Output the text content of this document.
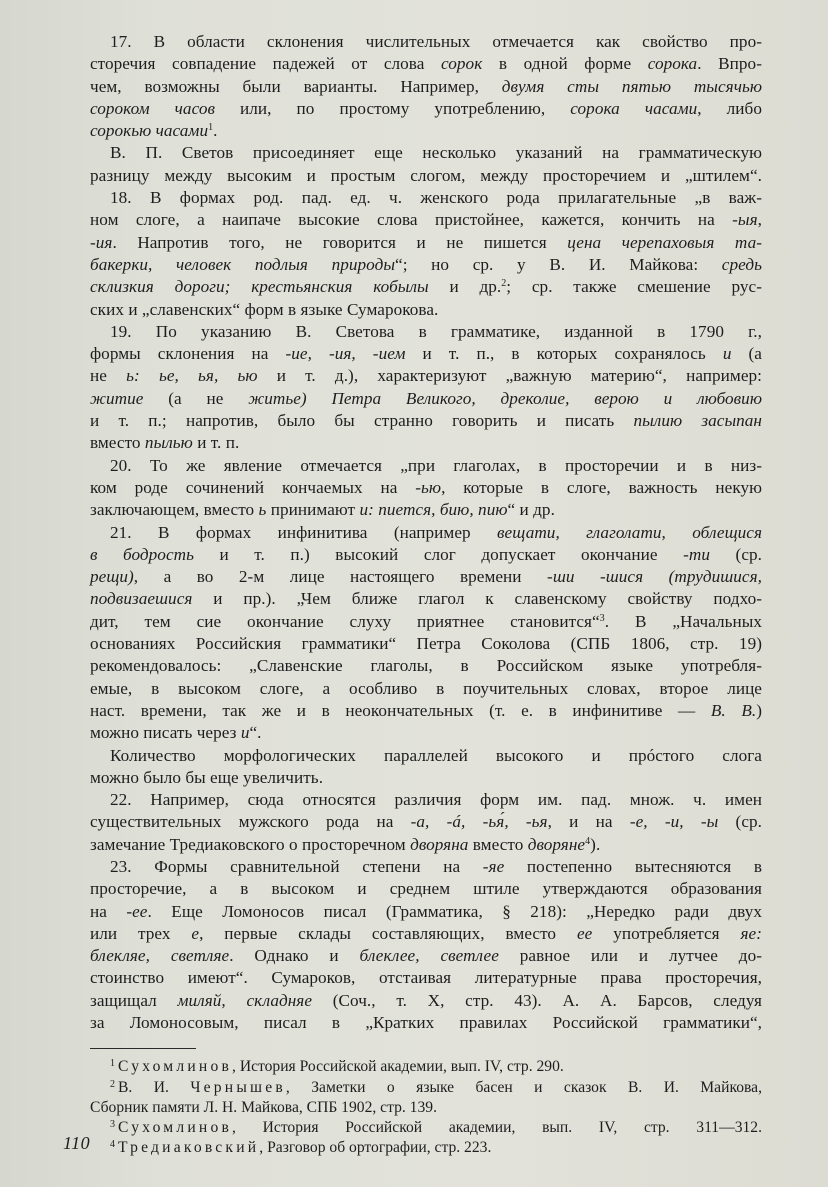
17. В области склонения числительных отмечается как свойство про-
сторечия совпадение падежей от слова сорок в одной форме сорока. Впро-
чем, возможны были варианты. Например, двумя сты пятью тысячью
сороком часов или, по простому употреблению, сорока часами, либо
сорокью часами$^1$.
В. П. Светов присоединяет еще несколько указаний на грамматическую
разницу между высоким и простым слогом, между просторечием и „штилем“.
18. В формах род. пад. ед. ч. женского рода прилагательные „в важ-
ном слоге, а наипаче высокие слова пристойнее, кажется, кончить на -ыя,
-ия. Напротив того, не говорится и не пишется цена черепаховыя та-
бакерки, человек подлыя природы“; но ср. у В. И. Майкова: средь
склизкия дороги; крестьянския кобылы и др.$^2$; ср. также смешение рус-
ских и „славенских“ форм в языке Сумарокова.
19. По указанию В. Светова в грамматике, изданной в 1790 г.,
формы склонения на -ие, -ия, -ием и т. п., в которых сохранялось и (а
не ь: ье, ья, ью и т. д.), характеризуют „важную материю“, например:
житие (а не житье) Петра Великого, дреколие, верою и любовию
и т. п.; напротив, было бы странно говорить и писать пылию засыпан
вместо пылью и т. п.
20. То же явление отмечается „при глаголах, в просторечии и в низ-
ком роде сочинений кончаемых на -ью, которые в слоге, важность некую
заключающем, вместо ь принимают и: пиется, бию, пию“ и др.
21. В формах инфинитива (например вещати, глаголати, облещися
в бодрость и т. п.) высокий слог допускает окончание -ти (ср.
рещи), а во 2-м лице настоящего времени -ши -шися (трудишися,
подвизаешися и пр.). „Чем ближе глагол к славенскому свойству подхо-
дит, тем сие окончание слуху приятнее становится“$^3$. В „Начальных
основаниях Российския грамматики“ Петра Соколова (СПБ 1806, стр. 19)
рекомендовалось: „Славенские глаголы, в Российском языке употребля-
емые, в высоком слоге, а особливо в поучительных словах, второе лице
наст. времени, так же и в неокончательных (т. е. в инфинитиве — В. В.)
можно писать через и“.
Количество морфологических параллелей высокого и прóстого слога
можно было бы еще увеличить.
22. Например, сюда относятся различия форм им. пад. множ. ч. имен
существительных мужского рода на -а, -á, -ья́, -ья, и на -е, -и, -ы (ср.
замечание Тредиаковского о просторечном дворяна вместо дворяне$^4$).
23. Формы сравнительной степени на -яе постепенно вытесняются в
просторечие, а в высоком и среднем штиле утверждаются образования
на -ее. Еще Ломоносов писал (Грамматика, § 218): „Нередко ради двух
или трех е, первые склады составляющих, вместо ее употребляется яе:
блекляе, светляе. Однако и блеклее, светлее равное или и лутчее до-
стоинство имеют“. Сумароков, отстаивая литературные права просторечия,
защищал миляй, складняе (Соч., т. X, стр. 43). А. А. Барсов, следуя
за Ломоносовым, писал в „Кратких правилах Российской грамматики“,
$^1$ Сухомлинов, История Российской академии, вып. IV, стр. 290.
$^2$ В. И. Чернышев, Заметки о языке басен и сказок В. И. Майкова,
Сборник памяти Л. Н. Майкова, СПБ 1902, стр. 139.
$^3$ Сухомлинов, История Российской академии, вып. IV, стр. 311—312.
$^4$ Тредиаковский, Разговор об ортографии, стр. 223.
110
